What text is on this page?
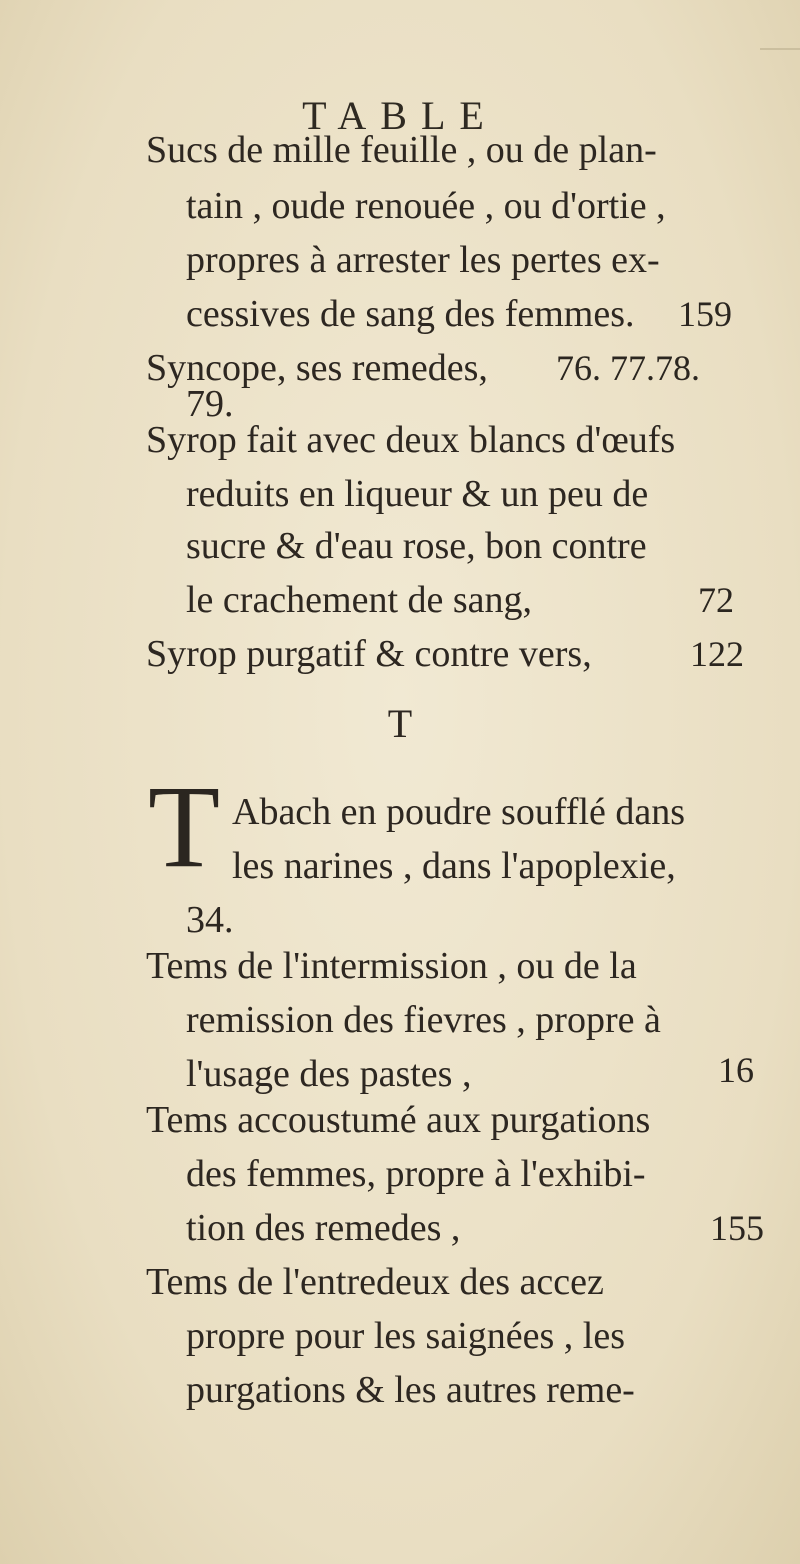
TABLE
Sucs de mille feuille , ou de plan-
tain , oude renouée , ou d'ortie ,
propres à arrester les pertes ex-
cessives de sang des femmes. 159
Syncope, ses remedes, 76. 77.78.
79.
Syrop fait avec deux blancs d'œufs
reduits en liqueur & un peu de
sucre & d'eau rose, bon contre
le crachement de sang,	72
Syrop purgatif & contre vers,	122
T
T Abach en poudre soufflé dans
les narines , dans l'apoplexie,
34.
Tems de l'intermission , ou de la
remission des fievres , propre à
l'usage des pastes ,	16
Tems accoustumé aux purgations
des femmes, propre à l'exhibi-
tion des remedes ,	155
Tems de l'entredeux des accez
propre pour les saignées , les
purgations & les autres reme-
